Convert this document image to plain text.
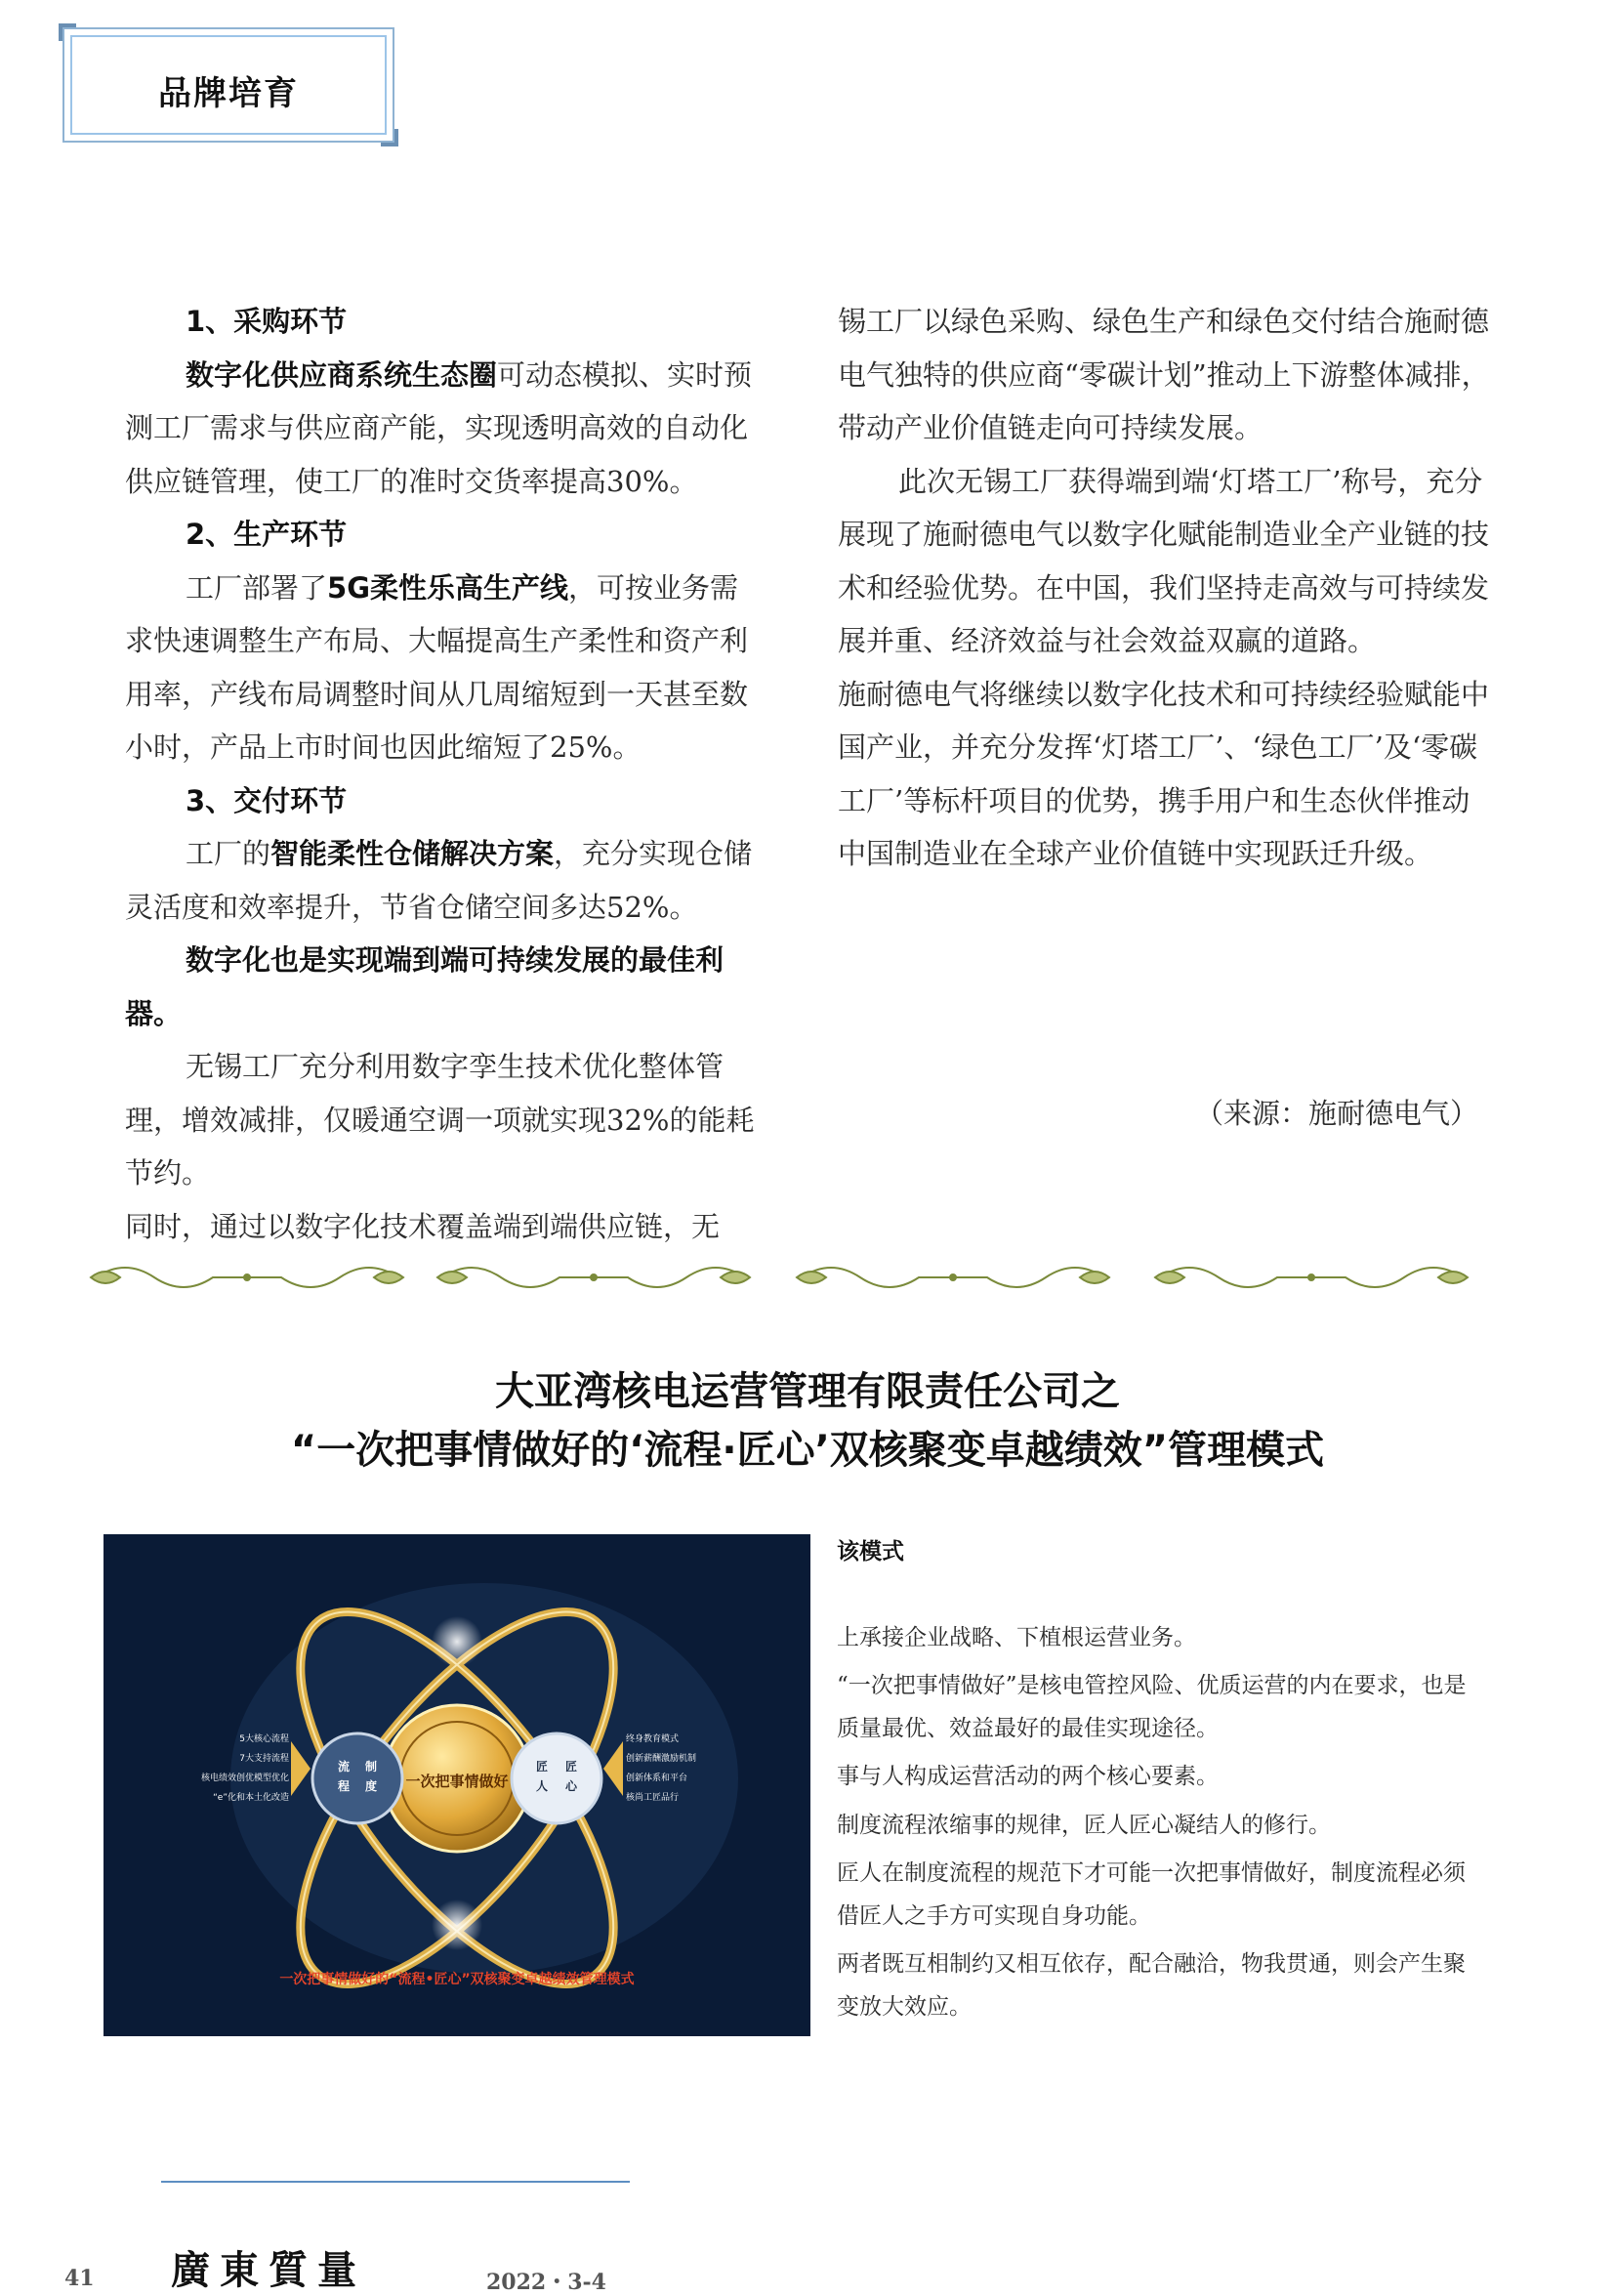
品牌培育

1、采购环节

数字化供应商系统生态圈可动态模拟、实时预测工厂需求与供应商产能，实现透明高效的自动化供应链管理，使工厂的准时交货率提高30%。

2、生产环节

工厂部署了5G柔性乐高生产线，可按业务需求快速调整生产布局、大幅提高生产柔性和资产利用率，产线布局调整时间从几周缩短到一天甚至数小时，产品上市时间也因此缩短了25%。

3、交付环节

工厂的智能柔性仓储解决方案，充分实现仓储灵活度和效率提升，节省仓储空间多达52%。

数字化也是实现端到端可持续发展的最佳利器。

无锡工厂充分利用数字孪生技术优化整体管理，增效减排，仅暖通空调一项就实现32%的能耗节约。

同时，通过以数字化技术覆盖端到端供应链，无

锡工厂以绿色采购、绿色生产和绿色交付结合施耐德电气独特的供应商“零碳计划”推动上下游整体减排，带动产业价值链走向可持续发展。

此次无锡工厂获得端到端‘灯塔工厂’称号，充分展现了施耐德电气以数字化赋能制造业全产业链的技术和经验优势。在中国，我们坚持走高效与可持续发展并重、经济效益与社会效益双赢的道路。

施耐德电气将继续以数字化技术和可持续经验赋能中国产业，并充分发挥‘灯塔工厂’、‘绿色工厂’及‘零碳工厂’等标杆项目的优势，携手用户和生态伙伴推动中国制造业在全球产业价值链中实现跃迁升级。

（来源：施耐德电气）
大亚湾核电运营管理有限责任公司之
“一次把事情做好的‘流程·匠心’双核聚变卓越绩效”管理模式
一次把事情做好
流 制
程 度
匠 匠
人 心
5大核心流程
7大支持流程
核电绩效创优模型优化
“e”化和本土化改造
终身教育模式
创新薪酬激励机制
创新体系和平台
核尚工匠品行
一次把事情做好的“流程•匠心”双核聚变卓越绩效管理模式

该模式

上承接企业战略、下植根运营业务。

“一次把事情做好”是核电管控风险、优质运营的内在要求，也是质量最优、效益最好的最佳实现途径。

事与人构成运营活动的两个核心要素。

制度流程浓缩事的规律，匠人匠心凝结人的修行。

匠人在制度流程的规范下才可能一次把事情做好，制度流程必须借匠人之手方可实现自身功能。

两者既互相制约又相互依存，配合融洽，物我贯通，则会产生聚变放大效应。

41 廣東質量	2022・3-4
